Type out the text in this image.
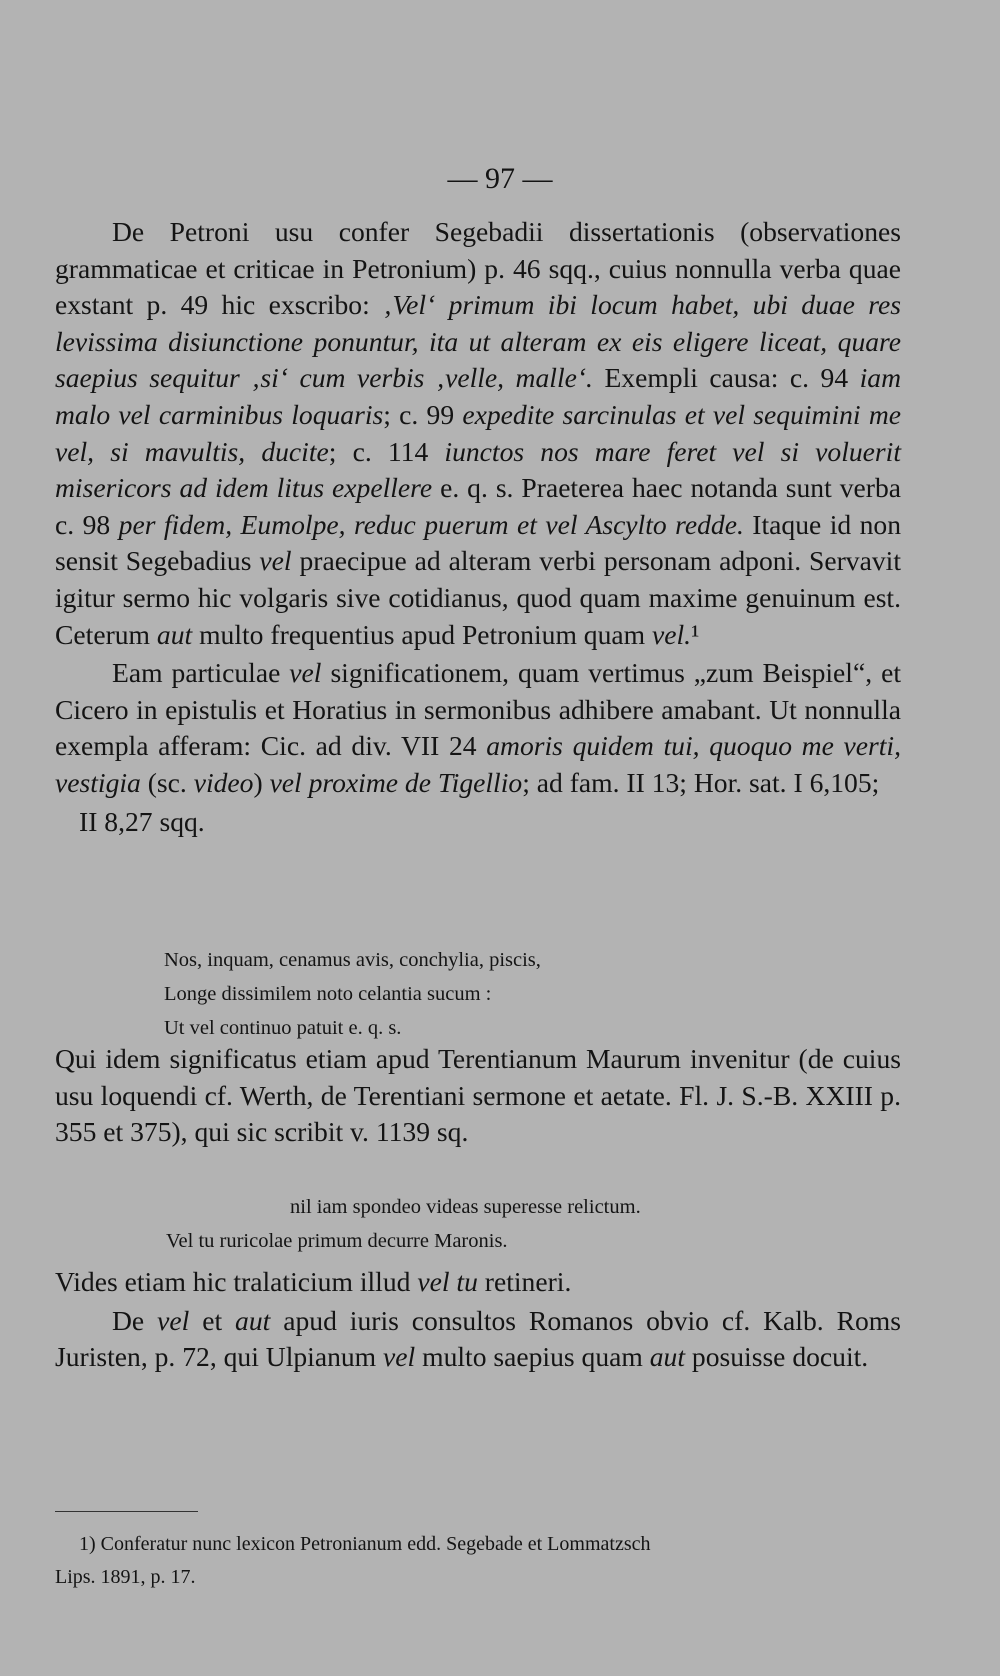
— 97 —

De Petroni usu confer Segebadii dissertationis (observationes grammaticae et criticae in Petronium) p. 46 sqq., cuius nonnulla verba quae exstant p. 49 hic exscribo: ‚Vel‘ primum ibi locum habet, ubi duae res levissima disiunctione ponuntur, ita ut alteram ex eis eligere liceat, quare saepius sequitur ‚si‘ cum verbis ‚velle, malle‘. Exempli causa: c. 94 iam malo vel carminibus loquaris; c. 99 expedite sarcinulas et vel sequimini me vel, si mavultis, ducite; c. 114 iunctos nos mare feret vel si voluerit misericors ad idem litus expellere e. q. s. Praeterea haec notanda sunt verba c. 98 per fidem, Eumolpe, reduc puerum et vel Ascylto redde. Itaque id non sensit Segebadius vel praecipue ad alteram verbi personam adponi. Servavit igitur sermo hic volgaris sive cotidianus, quod quam maxime genuinum est. Ceterum aut multo frequentius apud Petronium quam vel.¹

Eam particulae vel significationem, quam vertimus „zum Beispiel“, et Cicero in epistulis et Horatius in sermonibus adhibere amabant. Ut nonnulla exempla afferam: Cic. ad div. VII 24 amoris quidem tui, quoquo me verti, vestigia (sc. video) vel proxime de Tigellio; ad fam. II 13; Hor. sat. I 6,105;

II 8,27 sqq.

Nos, inquam, cenamus avis, conchylia, piscis,
Longe dissimilem noto celantia sucum :
Ut vel continuo patuit e. q. s.

Qui idem significatus etiam apud Terentianum Maurum invenitur (de cuius usu loquendi cf. Werth, de Terentiani sermone et aetate. Fl. J. S.-B. XXIII p. 355 et 375), qui sic scribit v. 1139 sq.

nil iam spondeo videas superesse relictum.
Vel tu ruricolae primum decurre Maronis.

Vides etiam hic tralaticium illud vel tu retineri.

De vel et aut apud iuris consultos Romanos obvio cf. Kalb. Roms Juristen, p. 72, qui Ulpianum vel multo saepius quam aut posuisse docuit.

1) Conferatur nunc lexicon Petronianum edd. Segebade et Lommatzsch
Lips. 1891, p. 17.
